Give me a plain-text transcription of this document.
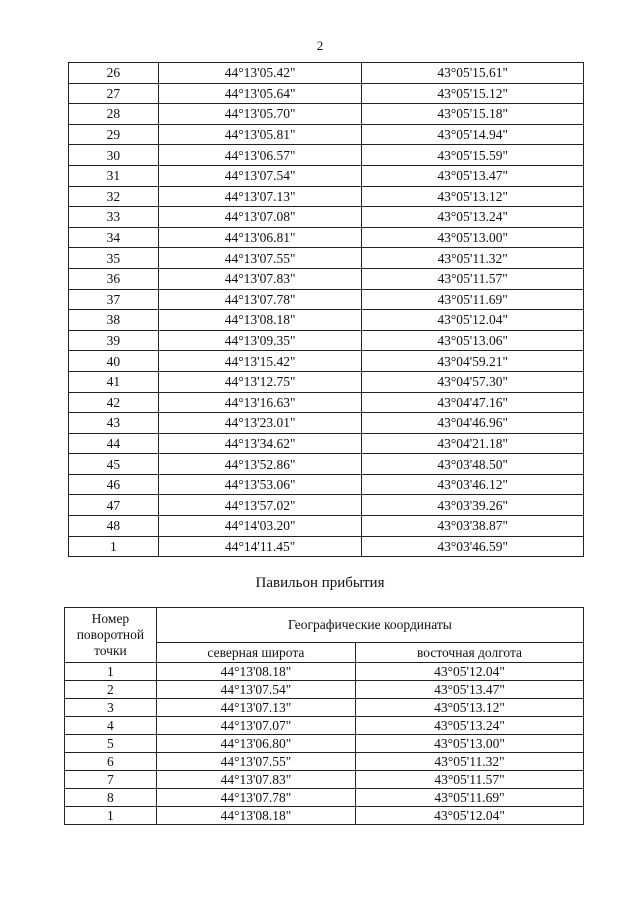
2
26	44°13'05.42"	43°05'15.61"
27	44°13'05.64"	43°05'15.12"
28	44°13'05.70"	43°05'15.18"
29	44°13'05.81"	43°05'14.94"
30	44°13'06.57"	43°05'15.59"
31	44°13'07.54"	43°05'13.47"
32	44°13'07.13"	43°05'13.12"
33	44°13'07.08"	43°05'13.24"
34	44°13'06.81"	43°05'13.00"
35	44°13'07.55"	43°05'11.32"
36	44°13'07.83"	43°05'11.57"
37	44°13'07.78"	43°05'11.69"
38	44°13'08.18"	43°05'12.04"
39	44°13'09.35"	43°05'13.06"
40	44°13'15.42"	43°04'59.21"
41	44°13'12.75"	43°04'57.30"
42	44°13'16.63"	43°04'47.16"
43	44°13'23.01"	43°04'46.96"
44	44°13'34.62"	43°04'21.18"
45	44°13'52.86"	43°03'48.50"
46	44°13'53.06"	43°03'46.12"
47	44°13'57.02"	43°03'39.26"
48	44°14'03.20"	43°03'38.87"
1	44°14'11.45"	43°03'46.59"
Павильон прибытия
Номер поворотной точки	Географические координаты	
	северная широта	восточная долгота
1	44°13'08.18"	43°05'12.04"
2	44°13'07.54"	43°05'13.47"
3	44°13'07.13"	43°05'13.12"
4	44°13'07.07"	43°05'13.24"
5	44°13'06.80"	43°05'13.00"
6	44°13'07.55"	43°05'11.32"
7	44°13'07.83"	43°05'11.57"
8	44°13'07.78"	43°05'11.69"
1	44°13'08.18"	43°05'12.04"
